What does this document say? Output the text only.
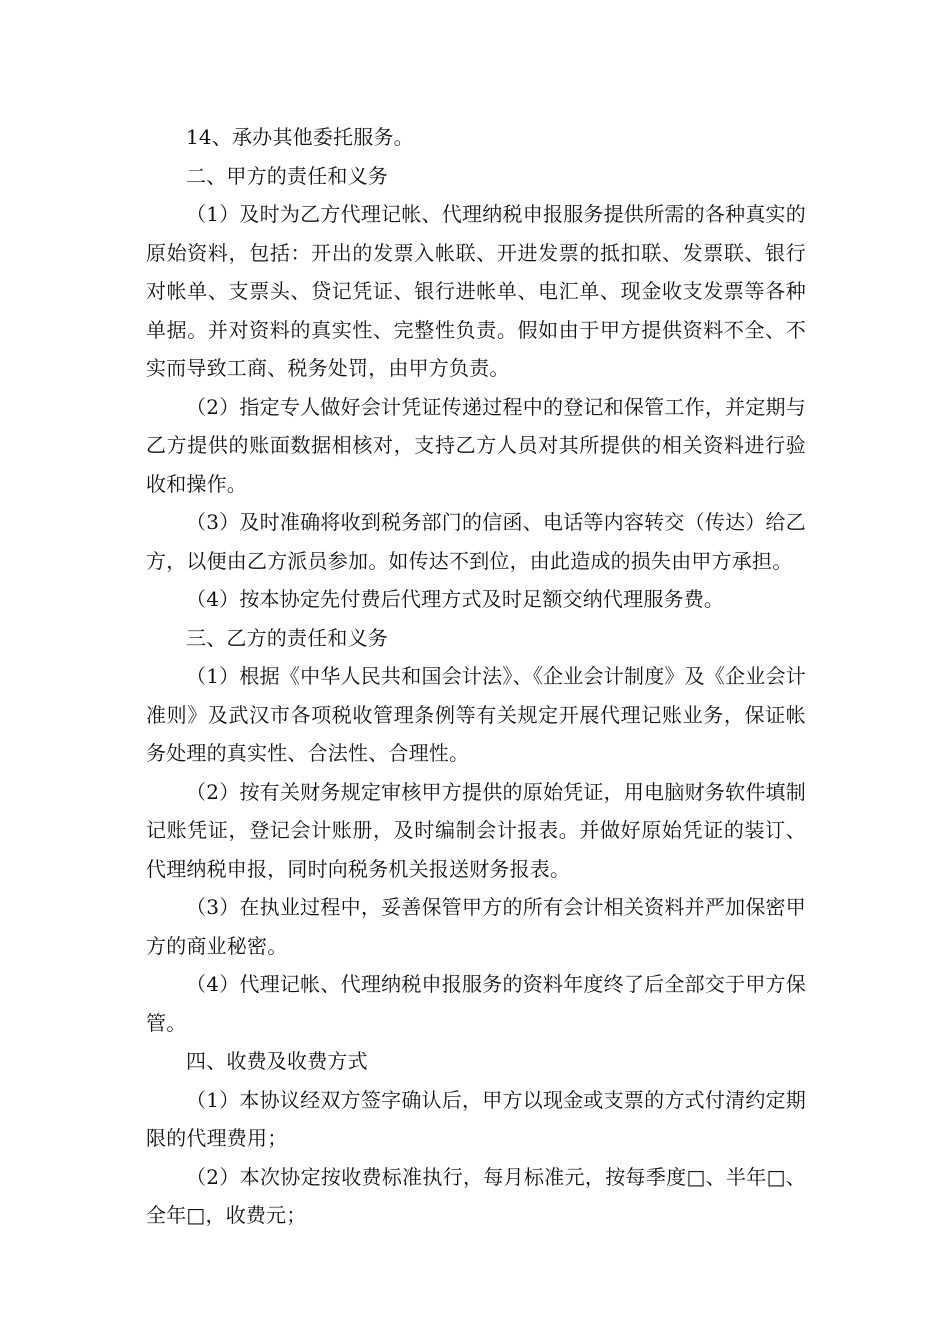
14、承办其他委托服务。

二、甲方的责任和义务

（1）及时为乙方代理记帐、代理纳税申报服务提供所需的各种真实的原始资料，包括：开出的发票入帐联、开进发票的抵扣联、发票联、银行对帐单、支票头、贷记凭证、银行进帐单、电汇单、现金收支发票等各种单据。并对资料的真实性、完整性负责。假如由于甲方提供资料不全、不实而导致工商、税务处罚，由甲方负责。

（2）指定专人做好会计凭证传递过程中的登记和保管工作，并定期与乙方提供的账面数据相核对，支持乙方人员对其所提供的相关资料进行验收和操作。

（3）及时准确将收到税务部门的信函、电话等内容转交（传达）给乙方，以便由乙方派员参加。如传达不到位，由此造成的损失由甲方承担。

（4）按本协定先付费后代理方式及时足额交纳代理服务费。

三、乙方的责任和义务

（1）根据《中华人民共和国会计法》、《企业会计制度》及《企业会计准则》及武汉市各项税收管理条例等有关规定开展代理记账业务，保证帐务处理的真实性、合法性、合理性。

（2）按有关财务规定审核甲方提供的原始凭证，用电脑财务软件填制记账凭证，登记会计账册，及时编制会计报表。并做好原始凭证的装订、代理纳税申报，同时向税务机关报送财务报表。

（3）在执业过程中，妥善保管甲方的所有会计相关资料并严加保密甲方的商业秘密。

（4）代理记帐、代理纳税申报服务的资料年度终了后全部交于甲方保管。

四、收费及收费方式

（1）本协议经双方签字确认后，甲方以现金或支票的方式付清约定期限的代理费用；

（2）本次协定按收费标准执行，每月标准元，按每季度□、半年□、全年□，收费元；
